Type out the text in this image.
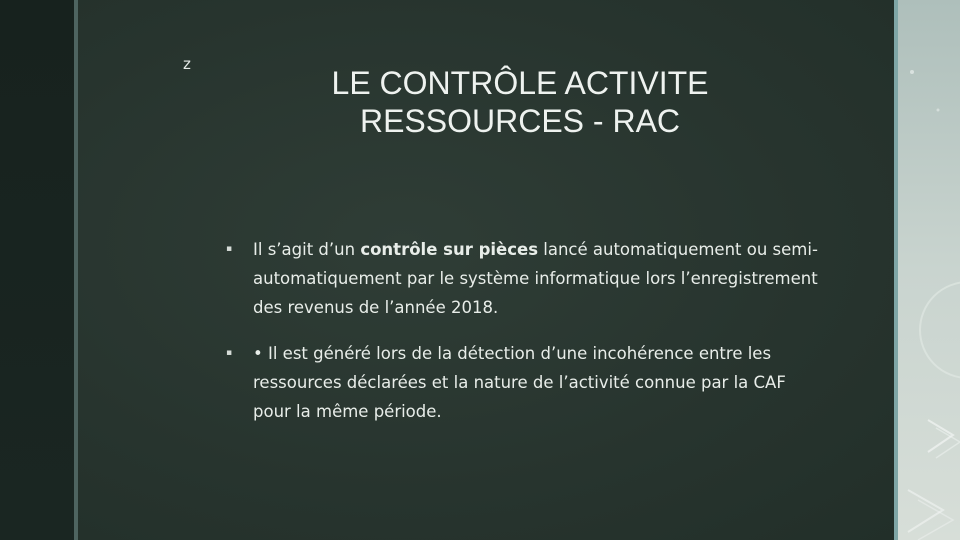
z
LE CONTRÔLE ACTIVITE
RESSOURCES - RAC
▪ Il s’agit d’un contrôle sur pièces lancé automatiquement ou semi-automatiquement par le système informatique lors l’enregistrement des revenus de l’année 2018.
▪ • Il est généré lors de la détection d’une incohérence entre les ressources déclarées et la nature de l’activité connue par la CAF pour la même période.
